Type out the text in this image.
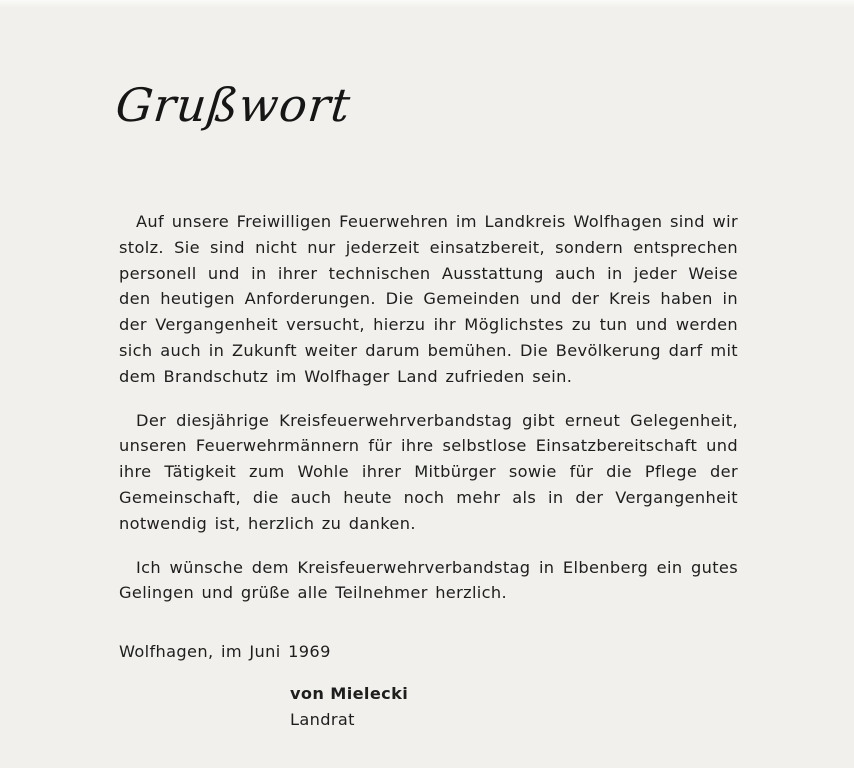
Grußwort

Auf unsere Freiwilligen Feuerwehren im Landkreis Wolfhagen sind wir stolz. Sie sind nicht nur jederzeit einsatzbereit, sondern entsprechen personell und in ihrer technischen Ausstattung auch in jeder Weise den heutigen Anforderungen. Die Gemeinden und der Kreis haben in der Vergangenheit versucht, hierzu ihr Möglichstes zu tun und werden sich auch in Zukunft weiter darum bemühen. Die Bevölkerung darf mit dem Brandschutz im Wolfhager Land zufrieden sein.

Der diesjährige Kreisfeuerwehrverbandstag gibt erneut Gelegenheit, unseren Feuerwehrmännern für ihre selbstlose Einsatzbereitschaft und ihre Tätigkeit zum Wohle ihrer Mitbürger sowie für die Pflege der Gemeinschaft, die auch heute noch mehr als in der Vergangenheit notwendig ist, herzlich zu danken.

Ich wünsche dem Kreisfeuerwehrverbandstag in Elbenberg ein gutes Gelingen und grüße alle Teilnehmer herzlich.

Wolfhagen, im Juni 1969

von Mielecki

Landrat
